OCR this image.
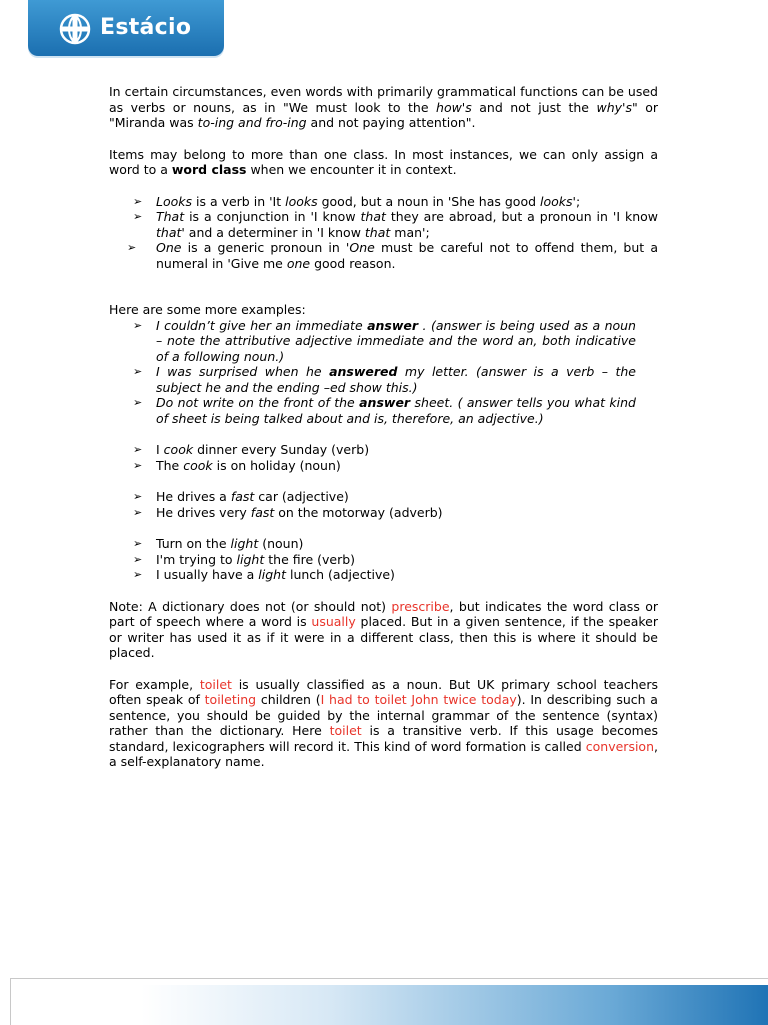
Estácio

In certain circumstances, even words with primarily grammatical functions can be used as verbs or nouns, as in "We must look to the how's and not just the why's" or "Miranda was to-ing and fro-ing and not paying attention".

Items may belong to more than one class. In most instances, we can only assign a word to a word class when we encounter it in context.

➢ Looks is a verb in 'It looks good, but a noun in 'She has good looks';
➢ That is a conjunction in 'I know that they are abroad, but a pronoun in 'I know that' and a determiner in 'I know that man';
➢ One is a generic pronoun in 'One must be careful not to offend them, but a numeral in 'Give me one good reason.

Here are some more examples:

➢ I couldn’t give her an immediate answer . (answer is being used as a noun – note the attributive adjective immediate and the word an, both indicative of a following noun.)
➢ I was surprised when he answered my letter. (answer is a verb – the subject he and the ending –ed show this.)
➢ Do not write on the front of the answer sheet. ( answer tells you what kind of sheet is being talked about and is, therefore, an adjective.)
➢ I cook dinner every Sunday (verb)
➢ The cook is on holiday (noun)
➢ He drives a fast car (adjective)
➢ He drives very fast on the motorway (adverb)
➢ Turn on the light (noun)
➢ I'm trying to light the fire (verb)
➢ I usually have a light lunch (adjective)

Note: A dictionary does not (or should not) prescribe, but indicates the word class or part of speech where a word is usually placed. But in a given sentence, if the speaker or writer has used it as if it were in a different class, then this is where it should be placed.

For example, toilet is usually classified as a noun. But UK primary school teachers often speak of toileting children (I had to toilet John twice today). In describing such a sentence, you should be guided by the internal grammar of the sentence (syntax) rather than the dictionary. Here toilet is a transitive verb. If this usage becomes standard, lexicographers will record it. This kind of word formation is called conversion, a self-explanatory name.
